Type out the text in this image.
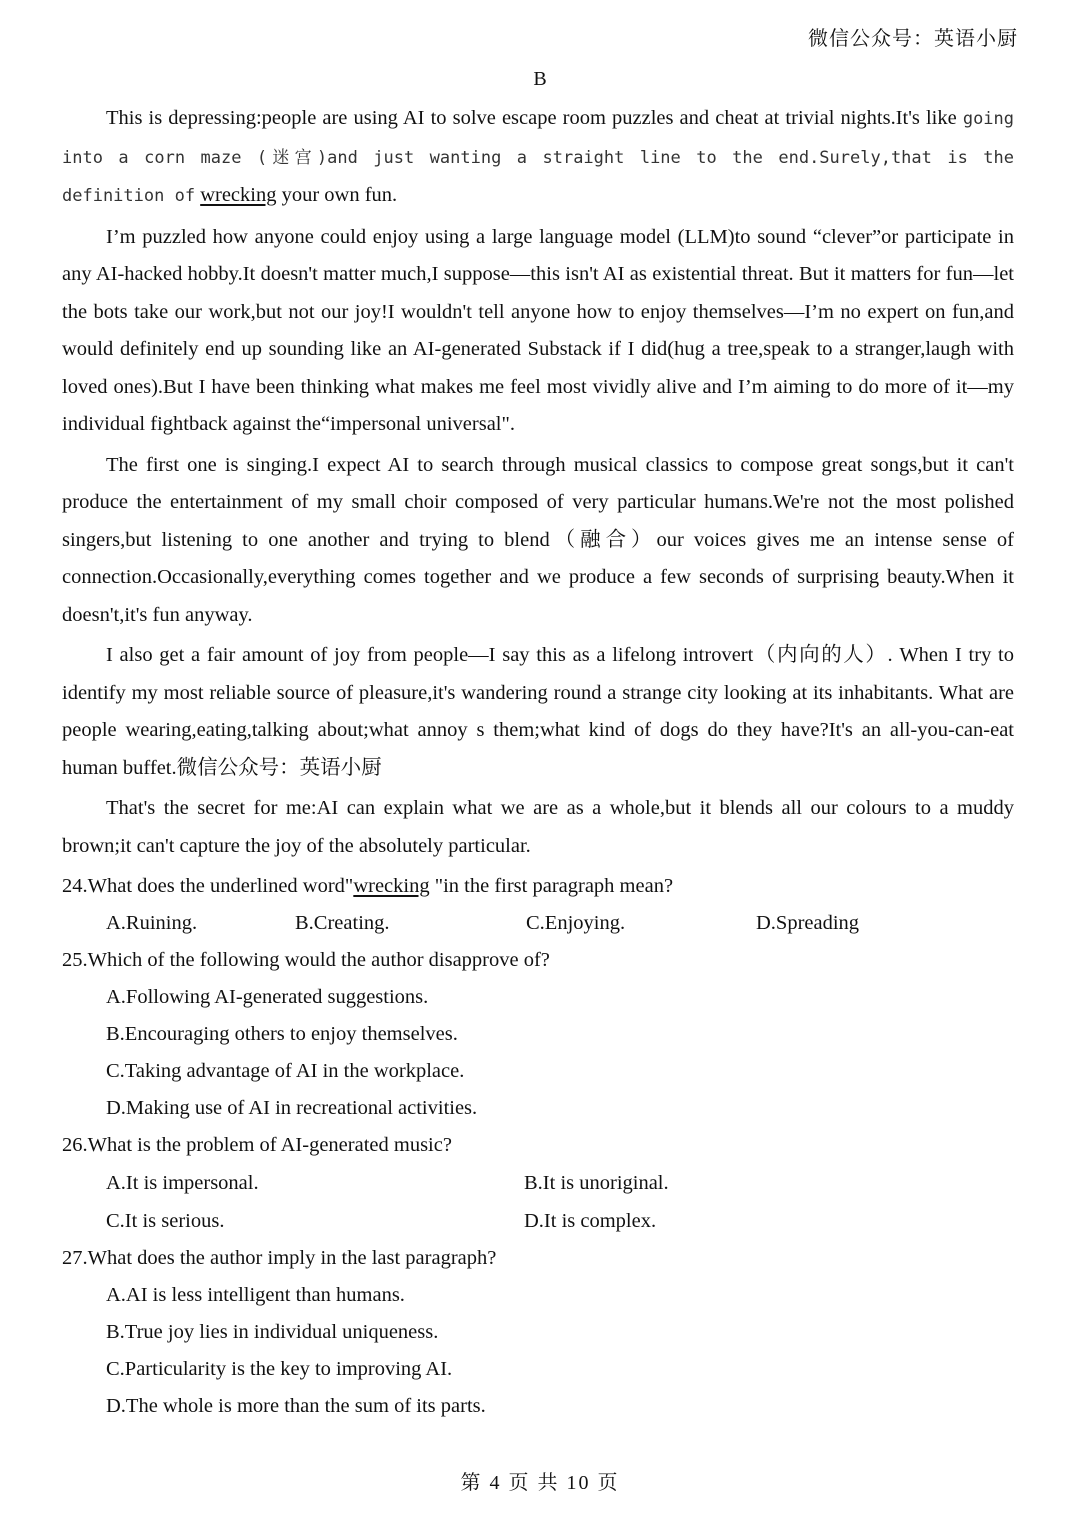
微信公众号：英语小厨
B

This is depressing:people are using AI to solve escape room puzzles and cheat at trivial nights.It's like going into a corn maze (迷宫)and just wanting a straight line to the end.Surely,that is the definition of wrecking your own fun.

I’m puzzled how anyone could enjoy using a large language model (LLM)to sound “clever”or participate in any AI-hacked hobby.It doesn't matter much,I suppose—this isn't AI as existential threat. But it matters for fun—let the bots take our work,but not our joy!I wouldn't tell anyone how to enjoy themselves—I’m no expert on fun,and would definitely end up sounding like an AI-generated Substack if I did(hug a tree,speak to a stranger,laugh with loved ones).But I have been thinking what makes me feel most vividly alive and I’m aiming to do more of it—my individual fightback against the“impersonal universal".

The first one is singing.I expect AI to search through musical classics to compose great songs,but it can't produce the entertainment of my small choir composed of very particular humans.We're not the most polished singers,but listening to one another and trying to blend（融合）our voices gives me an intense sense of connection.Occasionally,everything comes together and we produce a few seconds of surprising beauty.When it doesn't,it's fun anyway.

I also get a fair amount of joy from people—I say this as a lifelong introvert（内向的人）. When I try to identify my most reliable source of pleasure,it's wandering round a strange city looking at its inhabitants. What are people wearing,eating,talking about;what annoy s them;what kind of dogs do they have?It's an all-you-can-eat human buffet.微信公众号：英语小厨

That's the secret for me:AI can explain what we are as a whole,but it blends all our colours to a muddy brown;it can't capture the joy of the absolutely particular.

24.What does the underlined word"wrecking "in the first paragraph mean?

A.Ruining.	B.Creating.	C.Enjoying.	D.Spreading

25.Which of the following would the author disapprove of?

A.Following AI-generated suggestions.

B.Encouraging others to enjoy themselves.

C.Taking advantage of AI in the workplace.

D.Making use of AI in recreational activities.

26.What is the problem of AI-generated music?

A.It is impersonal.	B.It is unoriginal.
C.It is serious.	D.It is complex.

27.What does the author imply in the last paragraph?

A.AI is less intelligent than humans.

B.True joy lies in individual uniqueness.

C.Particularity is the key to improving AI.

D.The whole is more than the sum of its parts.

第 4 页 共 10 页
